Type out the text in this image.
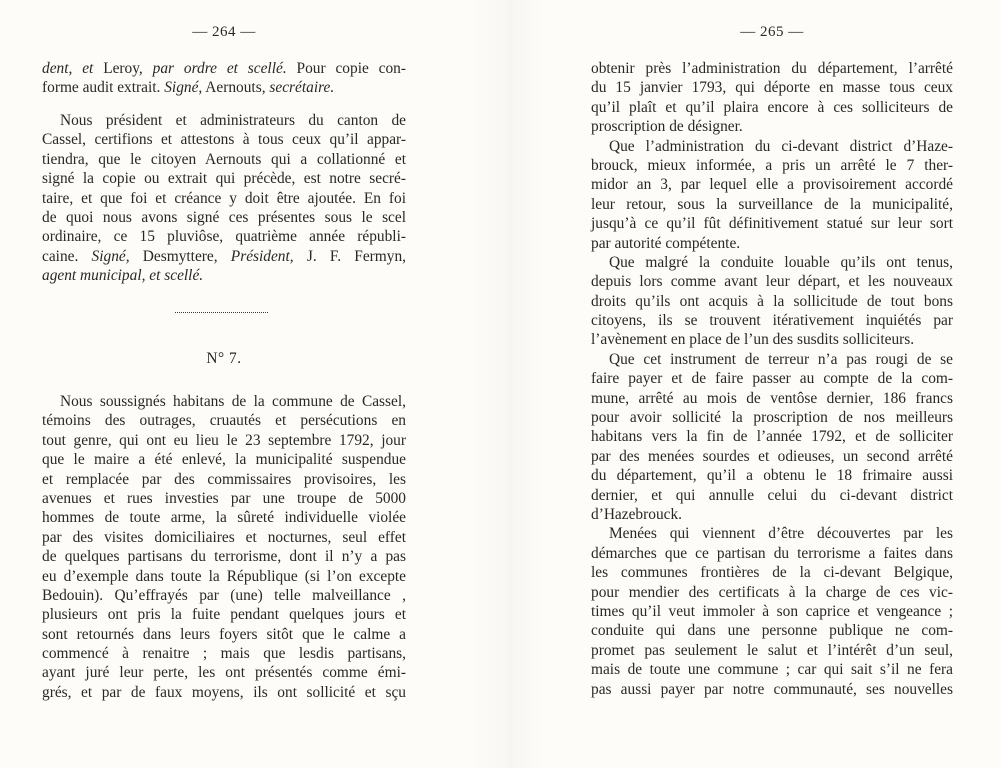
— 264 —
dent, et Leroy, par ordre et scellé. Pour copie con-
forme audit extrait. Signé, Aernouts, secrétaire.
Nous président et administrateurs du canton de
Cassel, certifions et attestons à tous ceux qu’il appar-
tiendra, que le citoyen Aernouts qui a collationné et
signé la copie ou extrait qui précède, est notre secré-
taire, et que foi et créance y doit être ajoutée. En foi
de quoi nous avons signé ces présentes sous le scel
ordinaire, ce 15 pluviôse, quatrième année républi-
caine. Signé, Desmyttere, Président, J. F. Fermyn,
agent municipal, et scellé.
N° 7.
Nous soussignés habitans de la commune de Cassel,
témoins des outrages, cruautés et persécutions en
tout genre, qui ont eu lieu le 23 septembre 1792, jour
que le maire a été enlevé, la municipalité suspendue
et remplacée par des commissaires provisoires, les
avenues et rues investies par une troupe de 5000
hommes de toute arme, la sûreté individuelle violée
par des visites domiciliaires et nocturnes, seul effet
de quelques partisans du terrorisme, dont il n’y a pas
eu d’exemple dans toute la République (si l’on excepte
Bedouin). Qu’effrayés par (une) telle malveillance ,
plusieurs ont pris la fuite pendant quelques jours et
sont retournés dans leurs foyers sitôt que le calme a
commencé à renaitre ; mais que lesdis partisans,
ayant juré leur perte, les ont présentés comme émi-
grés, et par de faux moyens, ils ont sollicité et sçu
— 265 —
obtenir près l’administration du département, l’arrêté
du 15 janvier 1793, qui déporte en masse tous ceux
qu’il plaît et qu’il plaira encore à ces solliciteurs de
proscription de désigner.
Que l’administration du ci-devant district d’Haze-
brouck, mieux informée, a pris un arrêté le 7 ther-
midor an 3, par lequel elle a provisoirement accordé
leur retour, sous la surveillance de la municipalité,
jusqu’à ce qu’il fût définitivement statué sur leur sort
par autorité compétente.
Que malgré la conduite louable qu’ils ont tenus,
depuis lors comme avant leur départ, et les nouveaux
droits qu’ils ont acquis à la sollicitude de tout bons
citoyens, ils se trouvent itérativement inquiétés par
l’avènement en place de l’un des susdits solliciteurs.
Que cet instrument de terreur n’a pas rougi de se
faire payer et de faire passer au compte de la com-
mune, arrêté au mois de ventôse dernier, 186 francs
pour avoir sollicité la proscription de nos meilleurs
habitans vers la fin de l’année 1792, et de solliciter
par des menées sourdes et odieuses, un second arrêté
du département, qu’il a obtenu le 18 frimaire aussi
dernier, et qui annulle celui du ci-devant district
d’Hazebrouck.
Menées qui viennent d’être découvertes par les
démarches que ce partisan du terrorisme a faites dans
les communes frontières de la ci-devant Belgique,
pour mendier des certificats à la charge de ces vic-
times qu’il veut immoler à son caprice et vengeance ;
conduite qui dans une personne publique ne com-
promet pas seulement le salut et l’intérêt d’un seul,
mais de toute une commune ; car qui sait s’il ne fera
pas aussi payer par notre communauté, ses nouvelles
